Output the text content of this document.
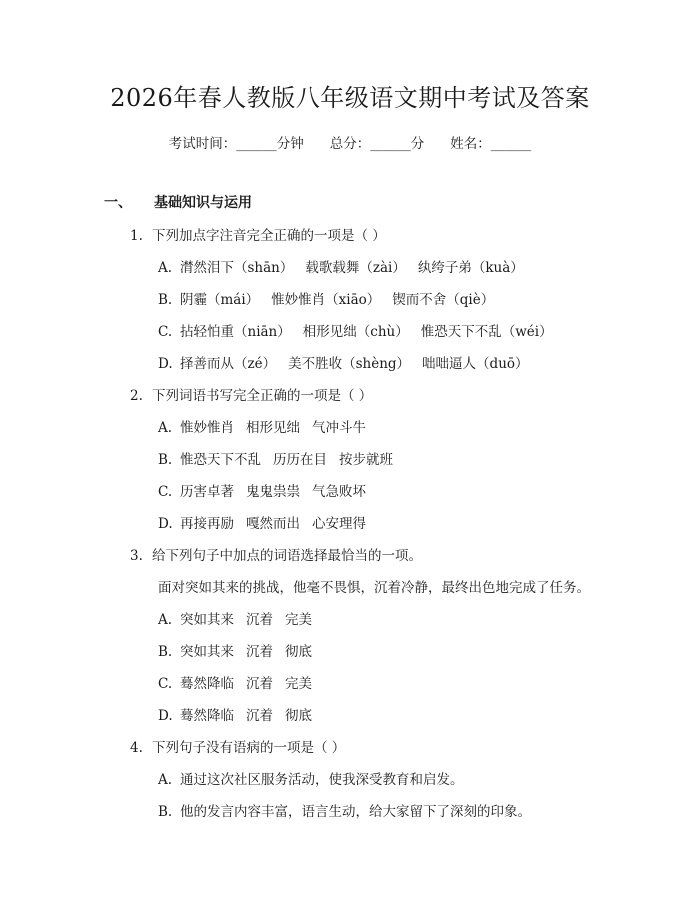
2026年春人教版八年级语文期中考试及答案
考试时间：______分钟 总分：______分 姓名：______
一、 基础知识与运用
1. 下列加点字注音完全正确的一项是（ ）
A. 潸然泪下（shān） 载歌载舞（zài） 纨绔子弟（kuà）
B. 阴霾（mái） 惟妙惟肖（xiāo） 锲而不舍（qiè）
C. 拈轻怕重（niān） 相形见绌（chù） 惟恐天下不乱（wéi）
D. 择善而从（zé） 美不胜收（shèng） 咄咄逼人（duō）
2. 下列词语书写完全正确的一项是（ ）
A. 惟妙惟肖 相形见绌 气冲斗牛
B. 惟恐天下不乱 历历在目 按步就班
C. 历害卓著 鬼鬼祟祟 气急败坏
D. 再接再励 嘎然而出 心安理得
3. 给下列句子中加点的词语选择最恰当的一项。
面对突如其来的挑战，他毫不畏惧，沉着冷静，最终出色地完成了任务。
A. 突如其来 沉着 完美
B. 突如其来 沉着 彻底
C. 蓦然降临 沉着 完美
D. 蓦然降临 沉着 彻底
4. 下列句子没有语病的一项是（ ）
A. 通过这次社区服务活动，使我深受教育和启发。
B. 他的发言内容丰富，语言生动，给大家留下了深刻的印象。
